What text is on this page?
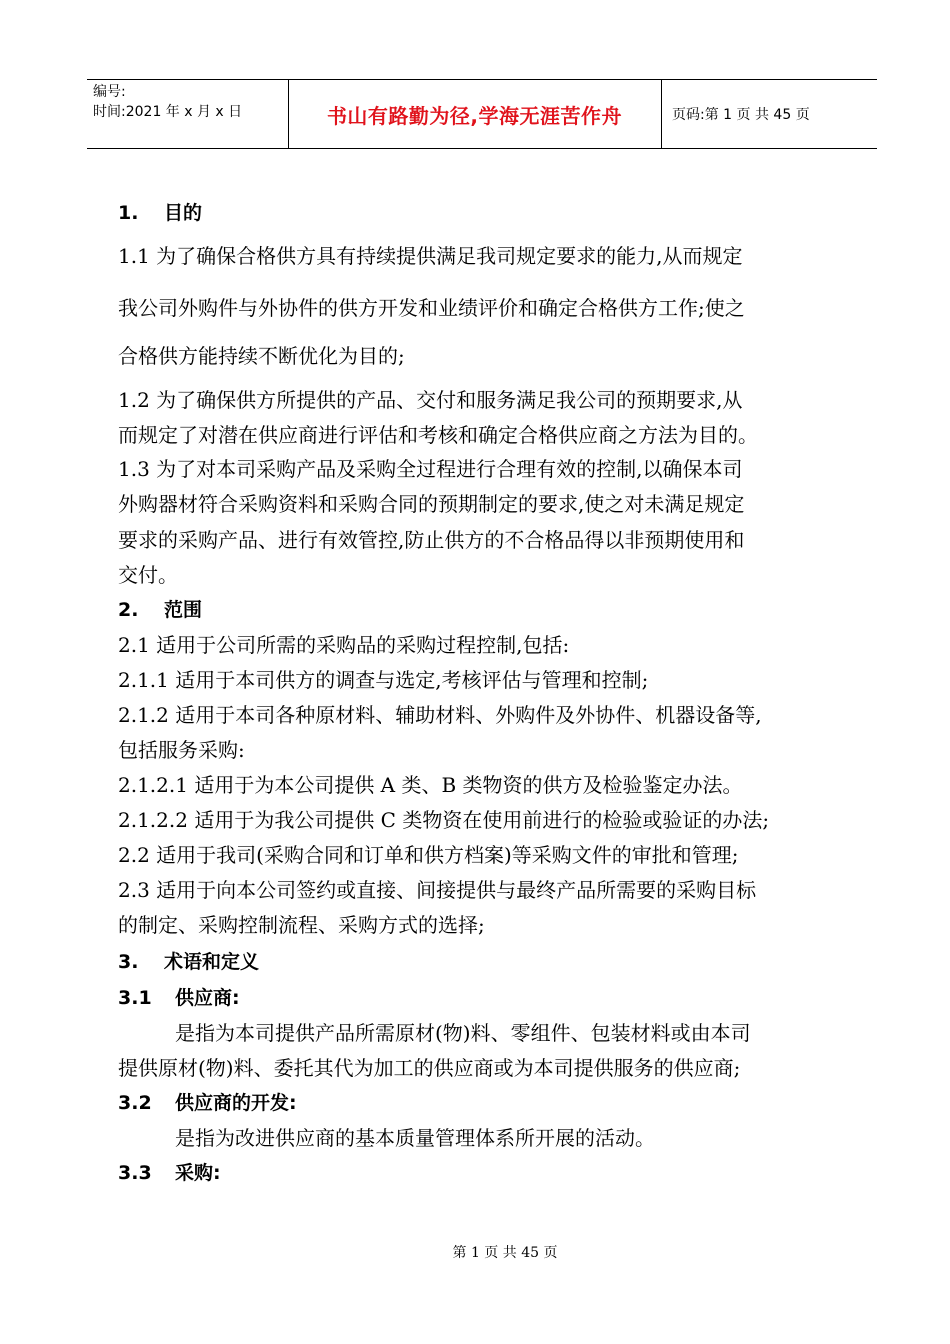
编号:
时间:2021 年 x 月 x 日	书山有路勤为径,学海无涯苦作舟	页码:第 1 页 共 45 页
1. 目的
1.1 为了确保合格供方具有持续提供满足我司规定要求的能力,从而规定
我公司外购件与外协件的供方开发和业绩评价和确定合格供方工作;使之
合格供方能持续不断优化为目的;
1.2 为了确保供方所提供的产品、交付和服务满足我公司的预期要求,从
而规定了对潜在供应商进行评估和考核和确定合格供应商之方法为目的。
1.3 为了对本司采购产品及采购全过程进行合理有效的控制,以确保本司
外购器材符合采购资料和采购合同的预期制定的要求,使之对未满足规定
要求的采购产品、进行有效管控,防止供方的不合格品得以非预期使用和
交付。
2. 范围
2.1 适用于公司所需的采购品的采购过程控制,包括:
2.1.1 适用于本司供方的调查与选定,考核评估与管理和控制;
2.1.2 适用于本司各种原材料、辅助材料、外购件及外协件、机器设备等,
包括服务采购:
2.1.2.1 适用于为本公司提供 A 类、B 类物资的供方及检验鉴定办法。
2.1.2.2 适用于为我公司提供 C 类物资在使用前进行的检验或验证的办法;
2.2 适用于我司(采购合同和订单和供方档案)等采购文件的审批和管理;
2.3 适用于向本公司签约或直接、间接提供与最终产品所需要的采购目标
的制定、采购控制流程、采购方式的选择;
3. 术语和定义
3.1 供应商:
是指为本司提供产品所需原材(物)料、零组件、包装材料或由本司
提供原材(物)料、委托其代为加工的供应商或为本司提供服务的供应商;
3.2 供应商的开发:
是指为改进供应商的基本质量管理体系所开展的活动。
3.3 采购:
第 1 页 共 45 页
